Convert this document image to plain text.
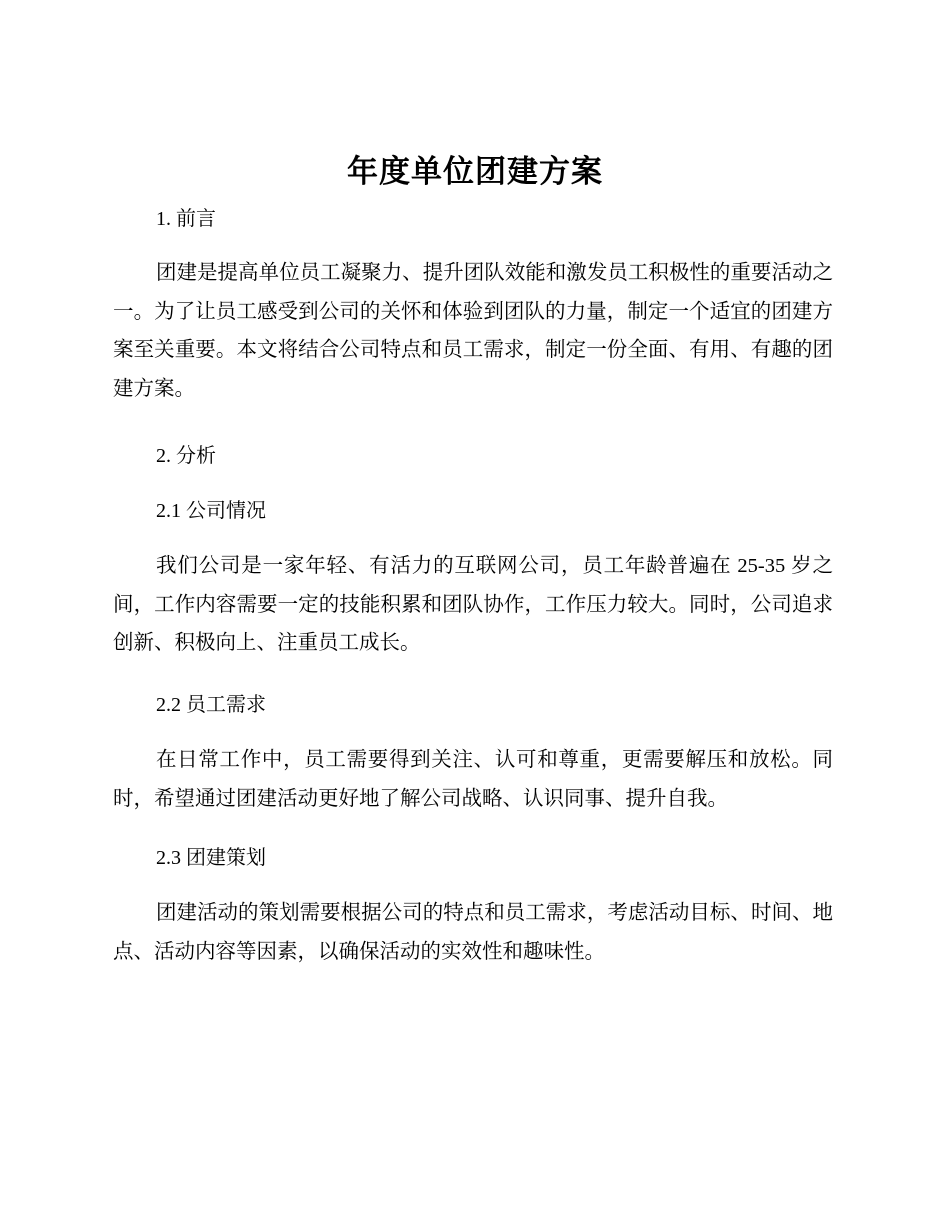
年度单位团建方案
1. 前言

团建是提高单位员工凝聚力、提升团队效能和激发员工积极性的重要活动之一。为了让员工感受到公司的关怀和体验到团队的力量，制定一个适宜的团建方案至关重要。本文将结合公司特点和员工需求，制定一份全面、有用、有趣的团建方案。

2. 分析
2.1 公司情况

我们公司是一家年轻、有活力的互联网公司，员工年龄普遍在 25-35 岁之间，工作内容需要一定的技能积累和团队协作，工作压力较大。同时，公司追求创新、积极向上、注重员工成长。

2.2 员工需求

在日常工作中，员工需要得到关注、认可和尊重，更需要解压和放松。同时，希望通过团建活动更好地了解公司战略、认识同事、提升自我。

2.3 团建策划

团建活动的策划需要根据公司的特点和员工需求，考虑活动目标、时间、地点、活动内容等因素，以确保活动的实效性和趣味性。
